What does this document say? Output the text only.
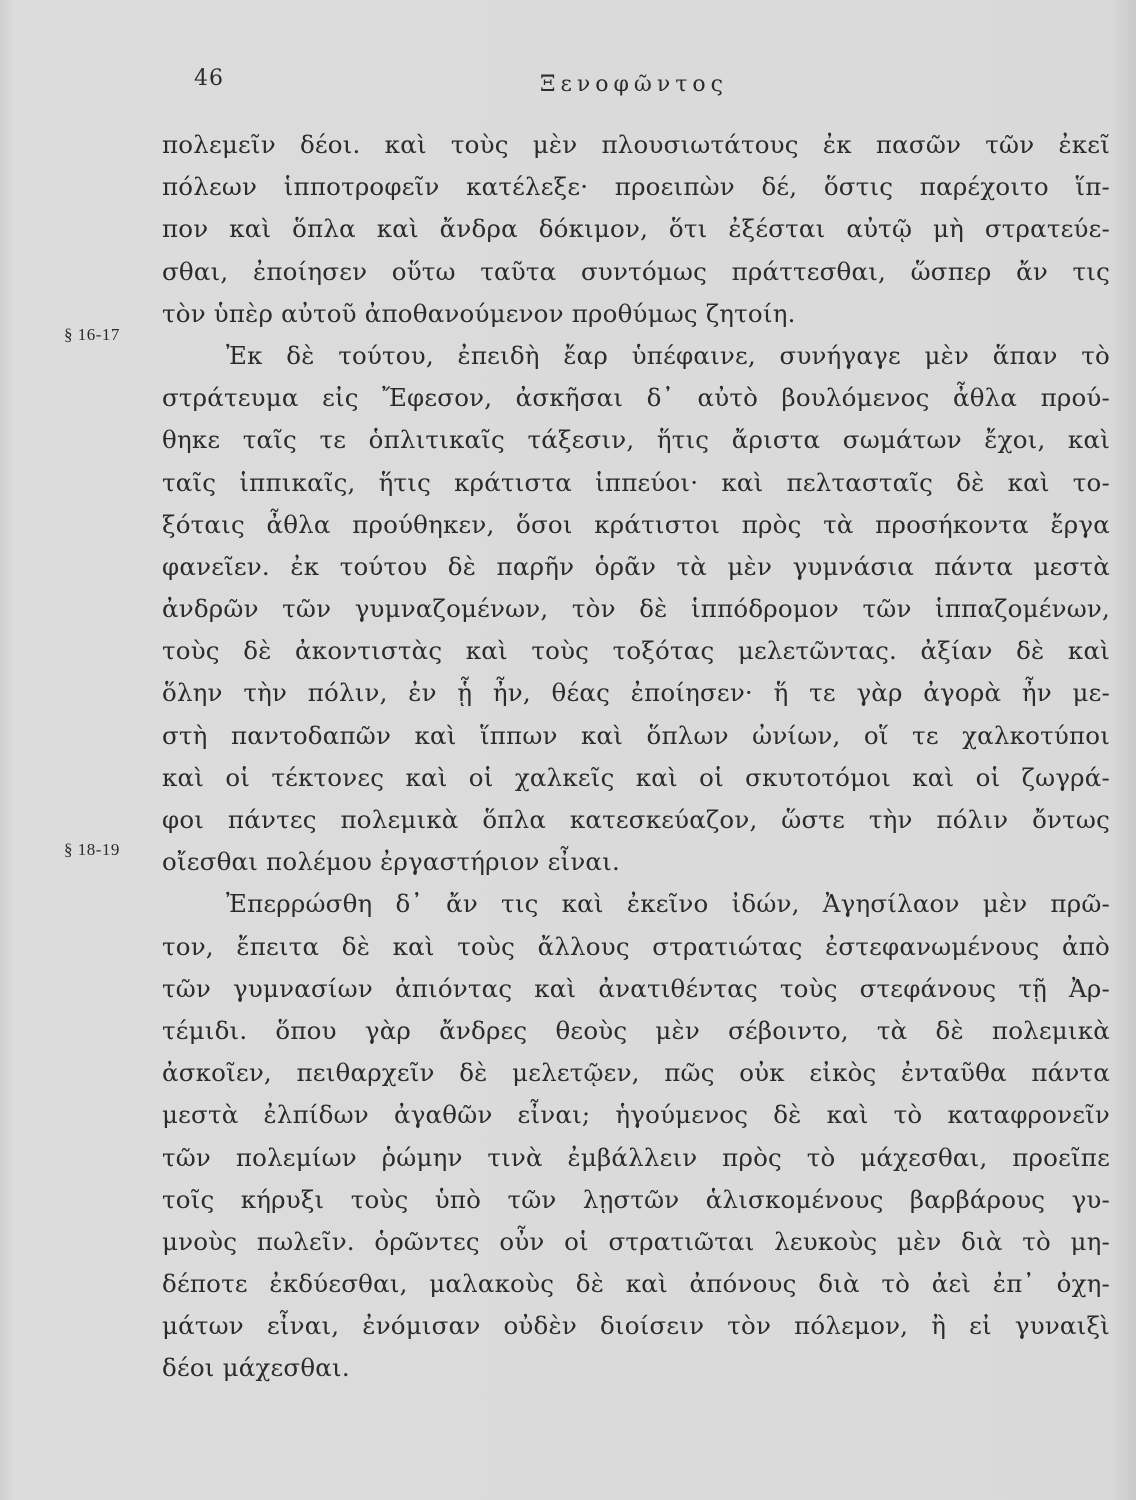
46	Ξενοφῶντος
§ 16-17
§ 18-19
πολεμεῖν δέοι. καὶ τοὺς μὲν πλουσιωτάτους ἐκ πασῶν τῶν ἐκεῖ
πόλεων ἱπποτροφεῖν κατέλεξε· προειπὼν δέ, ὅστις παρέχοιτο ἵπ-
πον καὶ ὅπλα καὶ ἄνδρα δόκιμον, ὅτι ἐξέσται αὐτῷ μὴ στρατεύε-
σθαι, ἐποίησεν οὕτω ταῦτα συντόμως πράττεσθαι, ὥσπερ ἄν τις
τὸν ὑπὲρ αὐτοῦ ἀποθανούμενον προθύμως ζητοίη.
Ἐκ δὲ τούτου, ἐπειδὴ ἔαρ ὑπέφαινε, συνήγαγε μὲν ἅπαν τὸ
στράτευμα εἰς Ἔφεσον, ἀσκῆσαι δ᾽ αὐτὸ βουλόμενος ἆθλα πρού-
θηκε ταῖς τε ὁπλιτικαῖς τάξεσιν, ἥτις ἄριστα σωμάτων ἔχοι, καὶ
ταῖς ἱππικαῖς, ἥτις κράτιστα ἱππεύοι· καὶ πελτασταῖς δὲ καὶ το-
ξόταις ἆθλα προύθηκεν, ὅσοι κράτιστοι πρὸς τὰ προσήκοντα ἔργα
φανεῖεν. ἐκ τούτου δὲ παρῆν ὁρᾶν τὰ μὲν γυμνάσια πάντα μεστὰ
ἀνδρῶν τῶν γυμναζομένων, τὸν δὲ ἱππόδρομον τῶν ἱππαζομένων,
τοὺς δὲ ἀκοντιστὰς καὶ τοὺς τοξότας μελετῶντας. ἀξίαν δὲ καὶ
ὅλην τὴν πόλιν, ἐν ᾗ ἦν, θέας ἐποίησεν· ἥ τε γὰρ ἀγορὰ ἦν με-
στὴ παντοδαπῶν καὶ ἵππων καὶ ὅπλων ὠνίων, οἵ τε χαλκοτύποι
καὶ οἱ τέκτονες καὶ οἱ χαλκεῖς καὶ οἱ σκυτοτόμοι καὶ οἱ ζωγρά-
φοι πάντες πολεμικὰ ὅπλα κατεσκεύαζον, ὥστε τὴν πόλιν ὄντως
οἴεσθαι πολέμου ἐργαστήριον εἶναι.
Ἐπερρώσθη δ᾽ ἄν τις καὶ ἐκεῖνο ἰδών, Ἀγησίλαον μὲν πρῶ-
τον, ἔπειτα δὲ καὶ τοὺς ἄλλους στρατιώτας ἐστεφανωμένους ἀπὸ
τῶν γυμνασίων ἀπιόντας καὶ ἀνατιθέντας τοὺς στεφάνους τῇ Ἀρ-
τέμιδι. ὅπου γὰρ ἄνδρες θεοὺς μὲν σέβοιντο, τὰ δὲ πολεμικὰ
ἀσκοῖεν, πειθαρχεῖν δὲ μελετῷεν, πῶς οὐκ εἰκὸς ἐνταῦθα πάντα
μεστὰ ἐλπίδων ἀγαθῶν εἶναι; ἡγούμενος δὲ καὶ τὸ καταφρονεῖν
τῶν πολεμίων ῥώμην τινὰ ἐμβάλλειν πρὸς τὸ μάχεσθαι, προεῖπε
τοῖς κήρυξι τοὺς ὑπὸ τῶν λῃστῶν ἁλισκομένους βαρβάρους γυ-
μνοὺς πωλεῖν. ὁρῶντες οὖν οἱ στρατιῶται λευκοὺς μὲν διὰ τὸ μη-
δέποτε ἐκδύεσθαι, μαλακοὺς δὲ καὶ ἀπόνους διὰ τὸ ἀεὶ ἐπ᾽ ὀχη-
μάτων εἶναι, ἐνόμισαν οὐδὲν διοίσειν τὸν πόλεμον, ἢ εἰ γυναιξὶ
δέοι μάχεσθαι.
